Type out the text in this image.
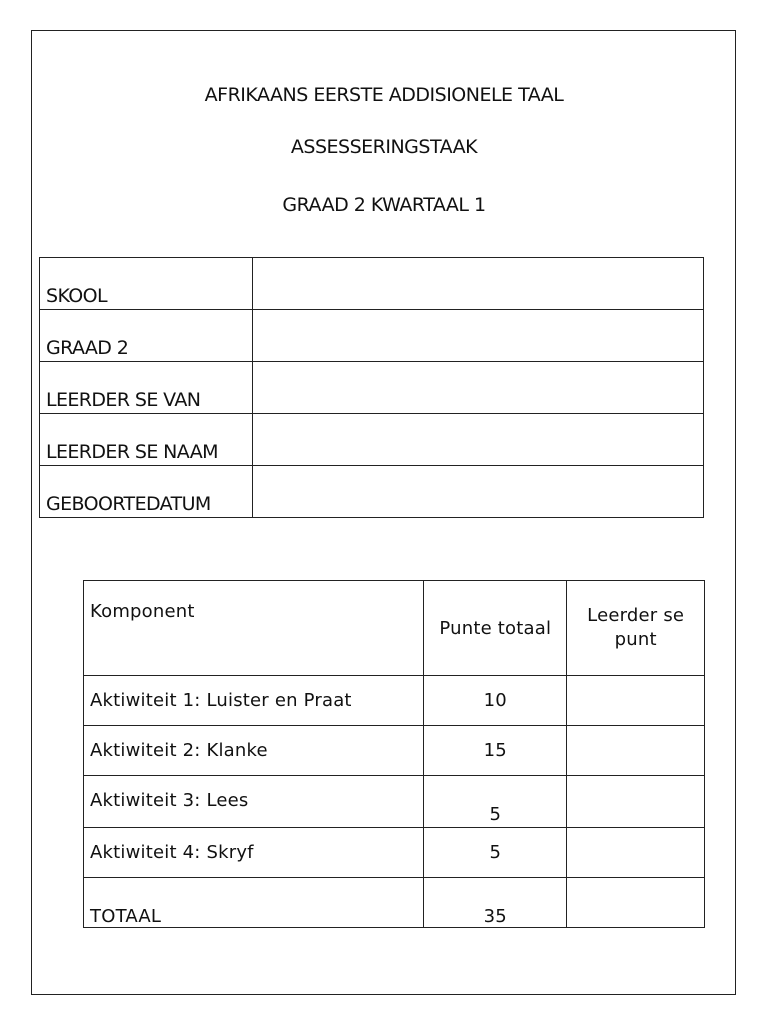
AFRIKAANS EERSTE ADDISIONELE TAAL
ASSESSERINGSTAAK
GRAAD 2 KWARTAAL 1
SKOOL	
GRAAD 2	
LEERDER SE VAN	
LEERDER SE NAAM	
GEBOORTEDATUM	
Komponent	Punte totaal	Leerder se punt
Aktiwiteit 1: Luister en Praat	10	
Aktiwiteit 2: Klanke	15	
Aktiwiteit 3: Lees	5	
Aktiwiteit 4: Skryf	5	
TOTAAL	35	
